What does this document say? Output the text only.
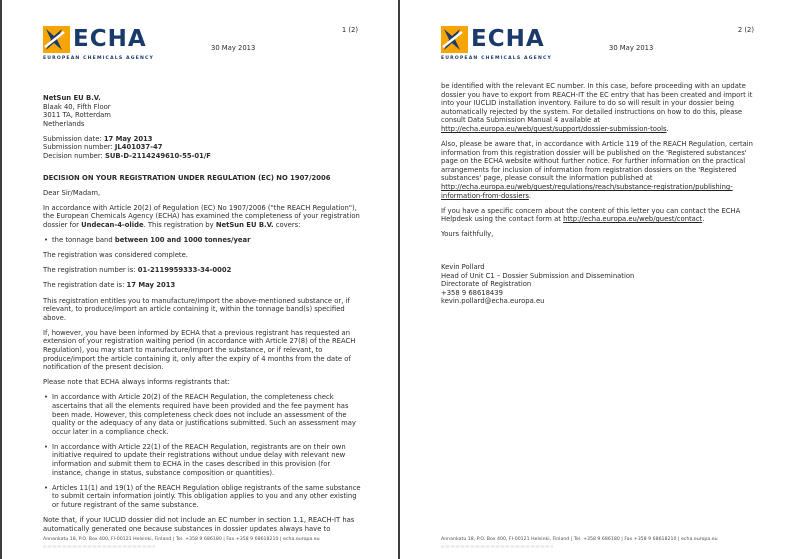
ECHA
EUROPEAN CHEMICALS AGENCY
1 (2)
30 May 2013
NetSun EU B.V.
Blaak 40, Fifth Floor
3011 TA, Rotterdam
Netherlands
Submission date: 17 May 2013
Submission number: JL401037-47
Decision number: SUB-D-2114249610-55-01/F
DECISION ON YOUR REGISTRATION UNDER REGULATION (EC) NO 1907/2006
Dear Sir/Madam,
In accordance with Article 20(2) of Regulation (EC) No 1907/2006 ("the REACH Regulation"), the European Chemicals Agency (ECHA) has examined the completeness of your registration dossier for Undecan-4-olide. This registration by NetSun EU B.V. covers:
• the tonnage band between 100 and 1000 tonnes/year
The registration was considered complete.
The registration number is: 01-2119959333-34-0002
The registration date is: 17 May 2013
This registration entitles you to manufacture/import the above-mentioned substance or, if relevant, to produce/import an article containing it, within the tonnage band(s) specified above.
If, however, you have been informed by ECHA that a previous registrant has requested an extension of your registration waiting period (in accordance with Article 27(8) of the REACH Regulation), you may start to manufacture/import the substance, or if relevant, to produce/import the article containing it, only after the expiry of 4 months from the date of notification of the present decision.
Please note that ECHA always informs registrants that:
• In accordance with Article 20(2) of the REACH Regulation, the completeness check ascertains that all the elements required have been provided and the fee payment has been made. However, this completeness check does not include an assessment of the quality or the adequacy of any data or justifications submitted. Such an assessment may occur later in a compliance check.
• In accordance with Article 22(1) of the REACH Regulation, registrants are on their own initiative required to update their registrations without undue delay with relevant new information and submit them to ECHA in the cases described in this provision (for instance, change in status, substance composition or quantities).
• Articles 11(1) and 19(1) of the REACH Regulation oblige registrants of the same substance to submit certain information jointly. This obligation applies to you and any other existing or future registrant of the same substance.
Note that, if your IUCLID dossier did not include an EC number in section 1.1, REACH-IT has automatically generated one because substances in dossier updates always have to
Annankatu 18, P.O. Box 400, FI-00121 Helsinki, Finland | Tel. +358 9 686180 | Fax +358 9 68618210 | echa.europa.eu
ECHA
EUROPEAN CHEMICALS AGENCY
2 (2)
30 May 2013
be identified with the relevant EC number. In this case, before proceeding with an update dossier you have to export from REACH-IT the EC entry that has been created and import it into your IUCLID installation inventory. Failure to do so will result in your dossier being automatically rejected by the system. For detailed instructions on how to do this, please consult Data Submission Manual 4 available at http://echa.europa.eu/web/guest/support/dossier-submission-tools.
Also, please be aware that, in accordance with Article 119 of the REACH Regulation, certain information from this registration dossier will be published on the 'Registered substances' page on the ECHA website without further notice. For further information on the practical arrangements for inclusion of information from registration dossiers on the 'Registered substances' page, please consult the information published at http://echa.europa.eu/web/guest/regulations/reach/substance-registration/publishing-information-from-dossiers.
If you have a specific concern about the content of this letter you can contact the ECHA Helpdesk using the contact form at http://echa.europa.eu/web/guest/contact.
Yours faithfully,
Kevin Pollard
Head of Unit C1 – Dossier Submission and Dissemination
Directorate of Registration
+358 9 68618439
kevin.pollard@echa.europa.eu
Annankatu 18, P.O. Box 400, FI-00121 Helsinki, Finland | Tel. +358 9 686180 | Fax +358 9 68618210 | echa.europa.eu
